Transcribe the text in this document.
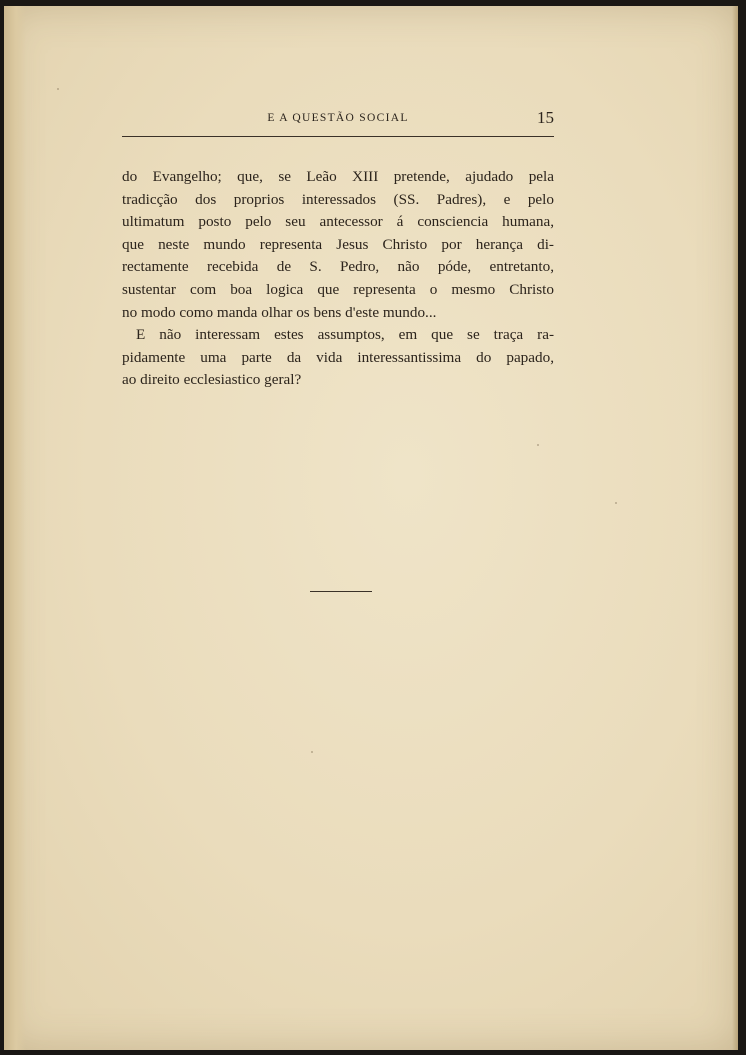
E A QUESTÃO SOCIAL	15
do Evangelho; que, se Leão XIII pretende, ajudado pela
tradicção dos proprios interessados (SS. Padres), e pelo
ultimatum posto pelo seu antecessor á consciencia humana,
que neste mundo representa Jesus Christo por herança di-
rectamente recebida de S. Pedro, não póde, entretanto,
sustentar com boa logica que representa o mesmo Christo
no modo como manda olhar os bens d'este mundo...
E não interessam estes assumptos, em que se traça ra-
pidamente uma parte da vida interessantissima do papado,
ao direito ecclesiastico geral?
